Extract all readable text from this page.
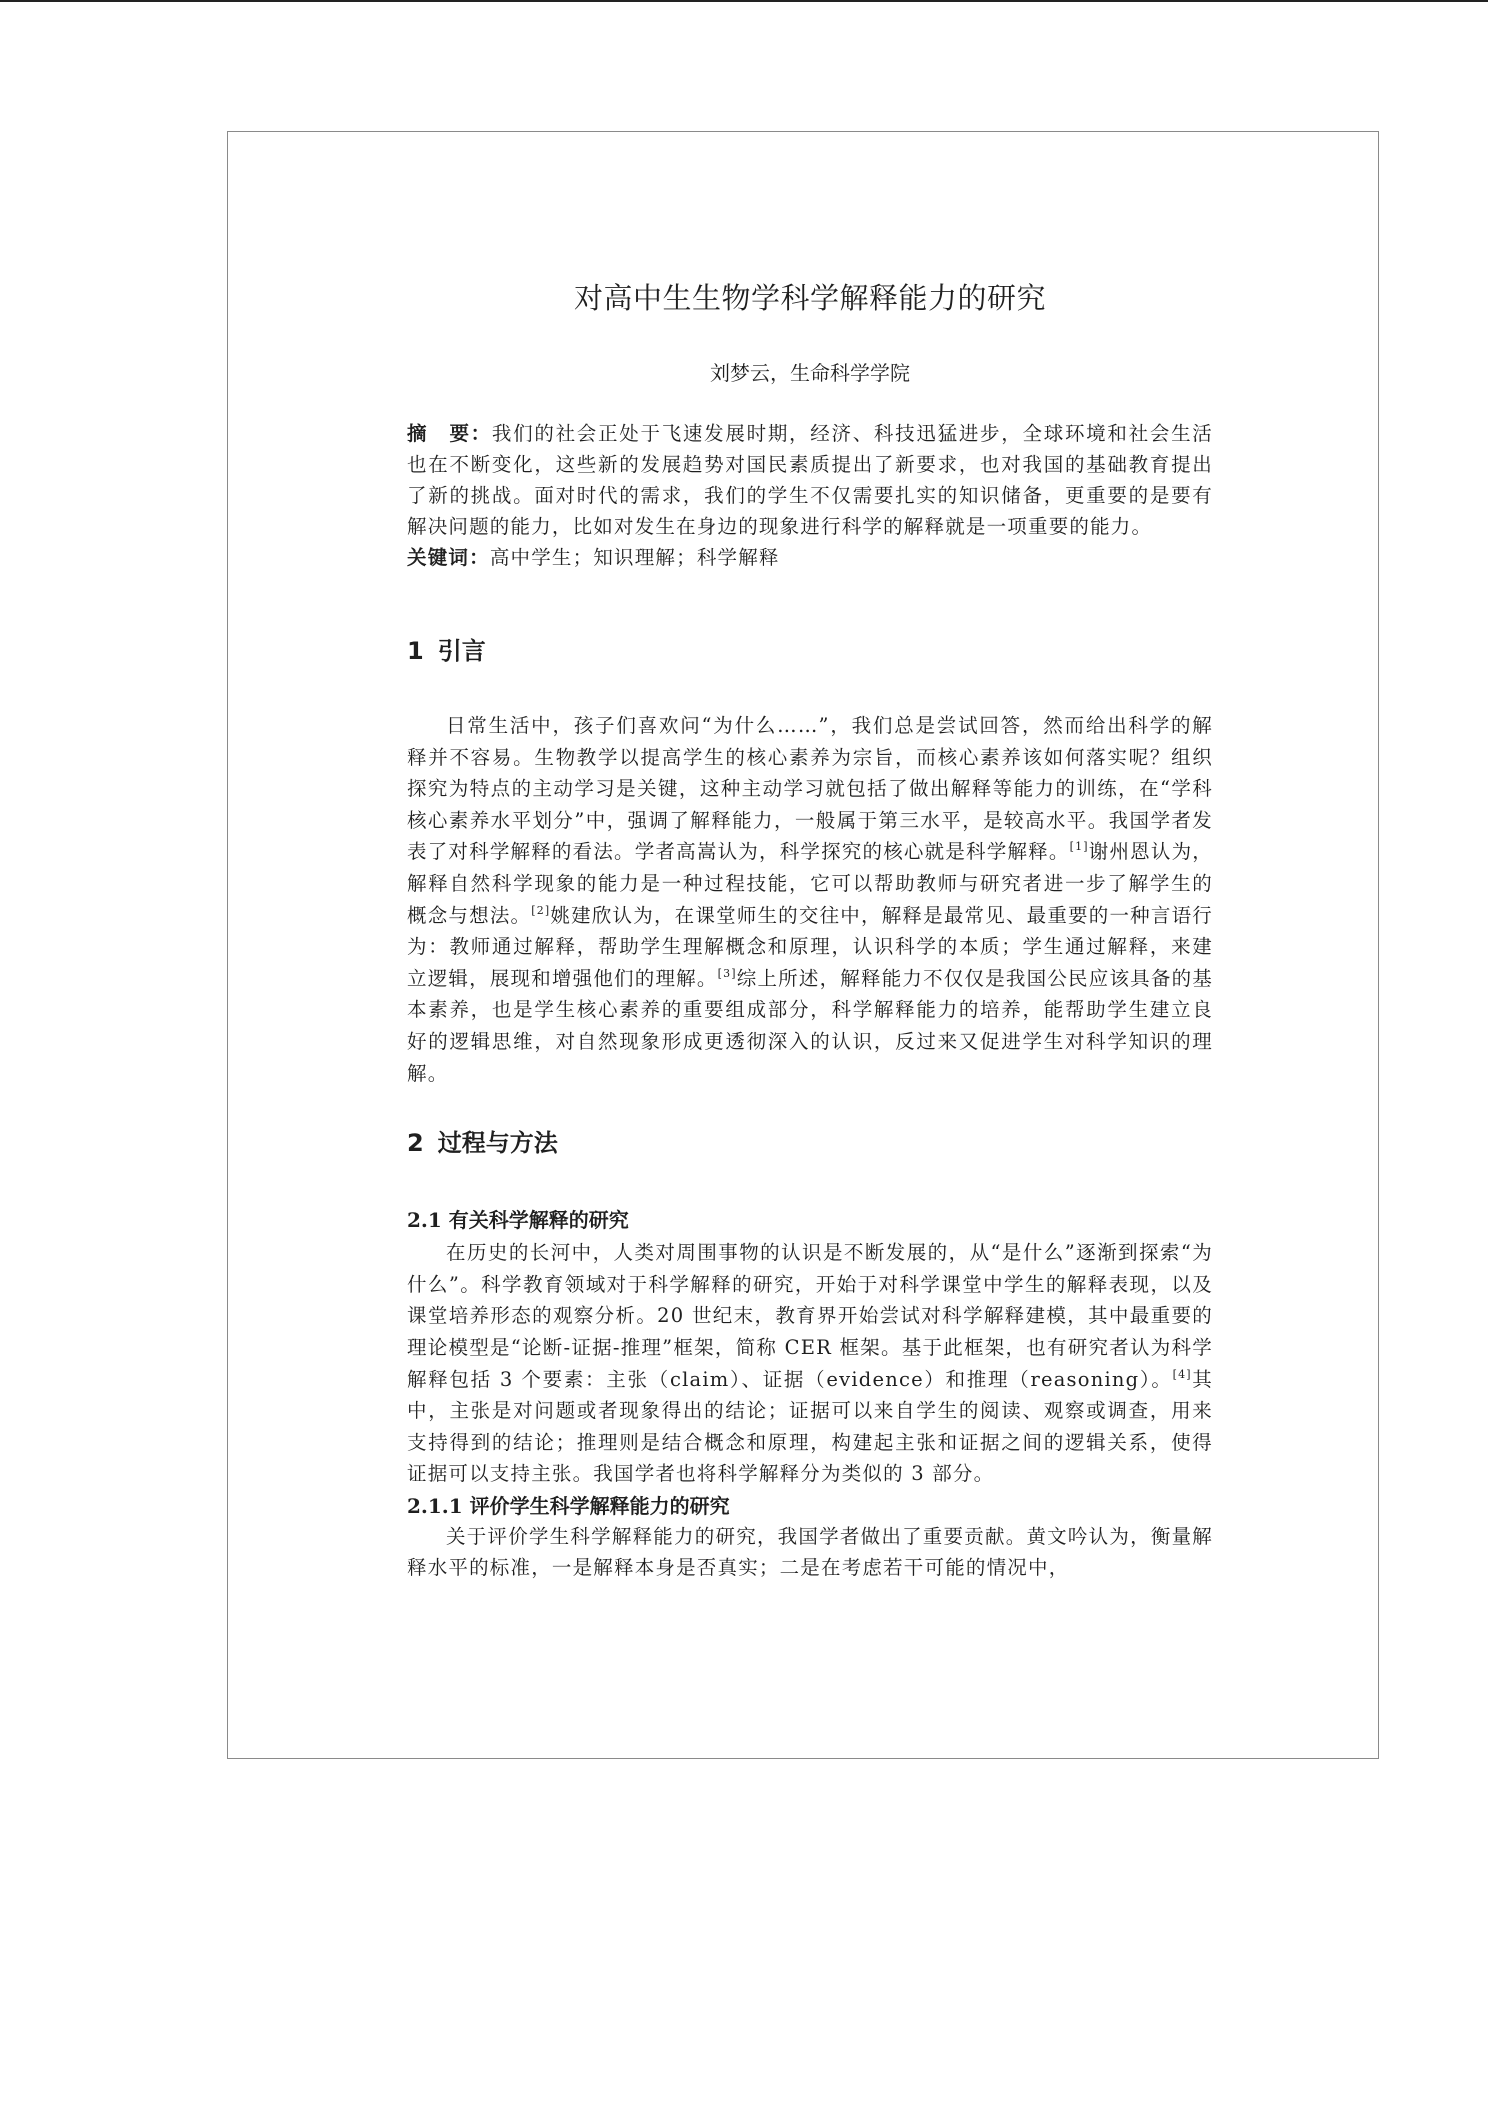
对高中生生物学科学解释能力的研究

刘梦云，生命科学学院

摘　要：我们的社会正处于飞速发展时期，经济、科技迅猛进步，全球环境和社会生活也在不断变化，这些新的发展趋势对国民素质提出了新要求，也对我国的基础教育提出了新的挑战。面对时代的需求，我们的学生不仅需要扎实的知识储备，更重要的是要有解决问题的能力，比如对发生在身边的现象进行科学的解释就是一项重要的能力。

关键词：高中学生；知识理解；科学解释

1 引言

日常生活中，孩子们喜欢问“为什么……”，我们总是尝试回答，然而给出科学的解释并不容易。生物教学以提高学生的核心素养为宗旨，而核心素养该如何落实呢？组织探究为特点的主动学习是关键，这种主动学习就包括了做出解释等能力的训练，在“学科核心素养水平划分”中，强调了解释能力，一般属于第三水平，是较高水平。我国学者发表了对科学解释的看法。学者高嵩认为，科学探究的核心就是科学解释。[1]谢州恩认为，解释自然科学现象的能力是一种过程技能，它可以帮助教师与研究者进一步了解学生的概念与想法。[2]姚建欣认为，在课堂师生的交往中，解释是最常见、最重要的一种言语行为：教师通过解释，帮助学生理解概念和原理，认识科学的本质；学生通过解释，来建立逻辑，展现和增强他们的理解。[3]综上所述，解释能力不仅仅是我国公民应该具备的基本素养，也是学生核心素养的重要组成部分，科学解释能力的培养，能帮助学生建立良好的逻辑思维，对自然现象形成更透彻深入的认识，反过来又促进学生对科学知识的理解。

2 过程与方法
2.1 有关科学解释的研究

在历史的长河中，人类对周围事物的认识是不断发展的，从“是什么”逐渐到探索“为什么”。科学教育领域对于科学解释的研究，开始于对科学课堂中学生的解释表现，以及课堂培养形态的观察分析。20 世纪末，教育界开始尝试对科学解释建模，其中最重要的理论模型是“论断-证据-推理”框架，简称 CER 框架。基于此框架，也有研究者认为科学解释包括 3 个要素：主张（claim）、证据（evidence）和推理（reasoning）。[4]其中，主张是对问题或者现象得出的结论；证据可以来自学生的阅读、观察或调查，用来支持得到的结论；推理则是结合概念和原理，构建起主张和证据之间的逻辑关系，使得证据可以支持主张。我国学者也将科学解释分为类似的 3 部分。

2.1.1 评价学生科学解释能力的研究

关于评价学生科学解释能力的研究，我国学者做出了重要贡献。黄文吟认为，衡量解释水平的标准，一是解释本身是否真实；二是在考虑若干可能的情况中，
